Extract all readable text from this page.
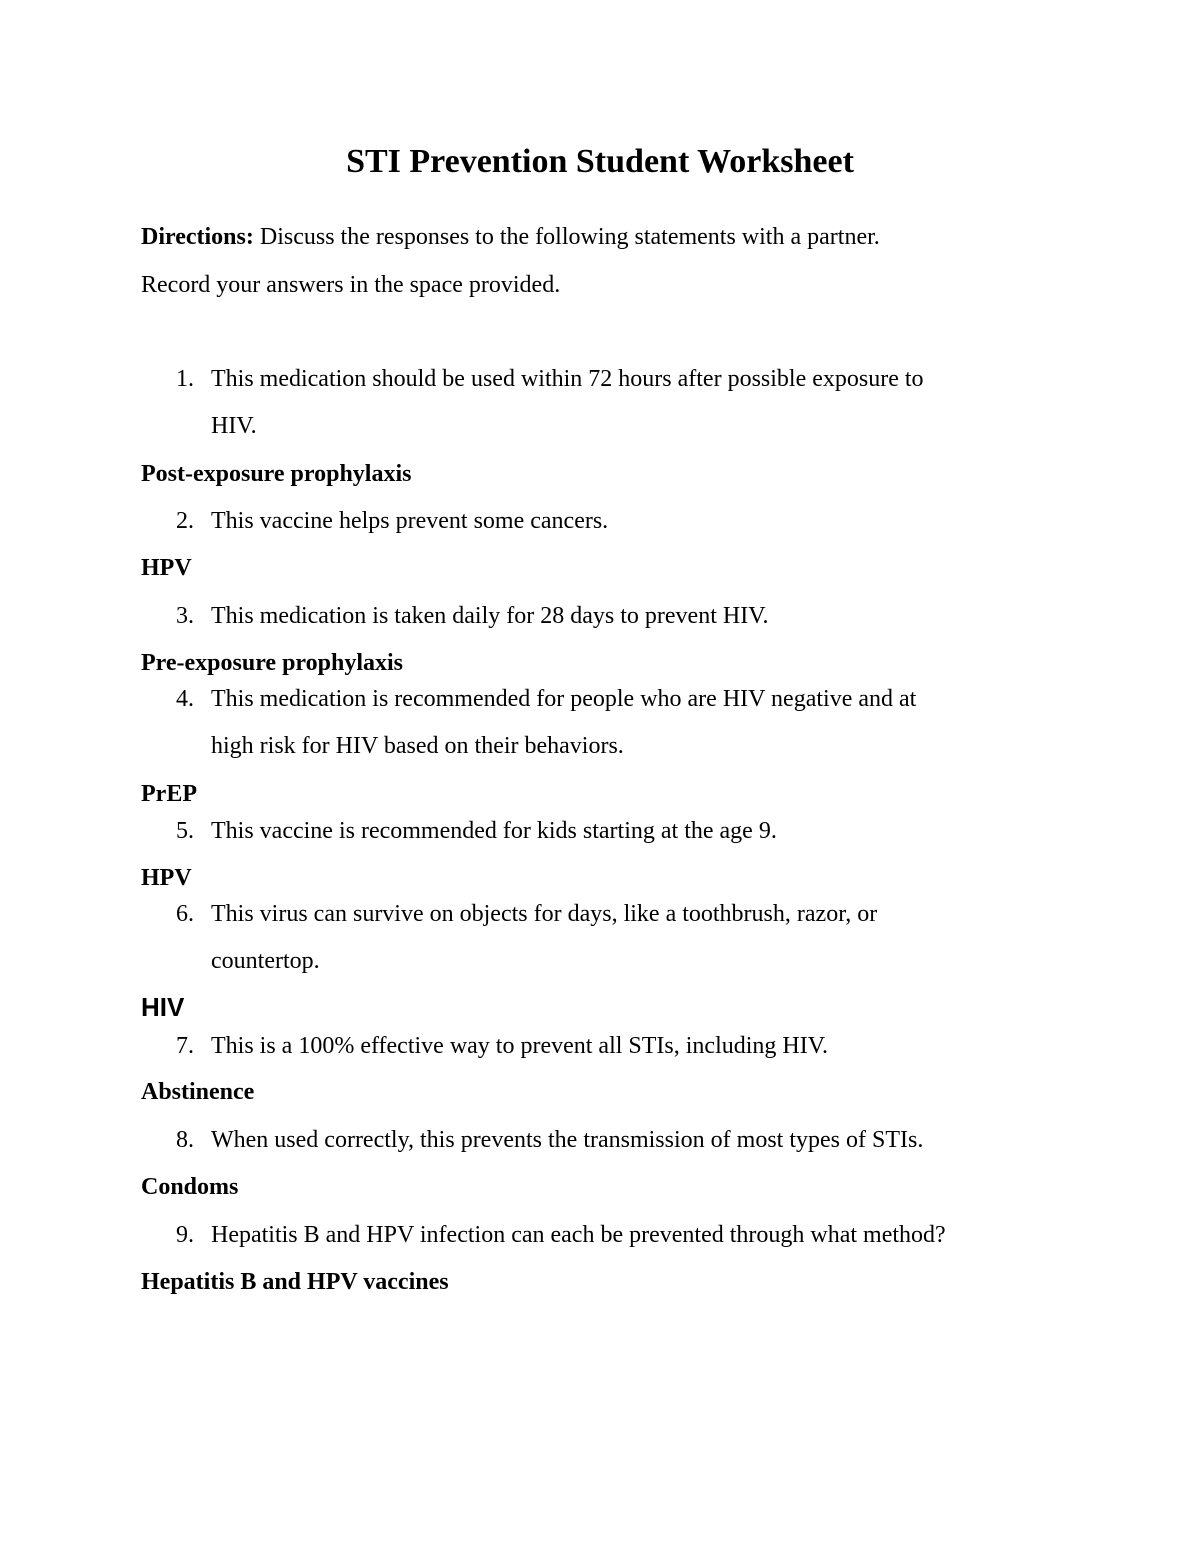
STI Prevention Student Worksheet
Directions: Discuss the responses to the following statements with a partner.
Record your answers in the space provided.
1. This medication should be used within 72 hours after possible exposure to
HIV.
Post-exposure prophylaxis
2. This vaccine helps prevent some cancers.
HPV
3. This medication is taken daily for 28 days to prevent HIV.
Pre-exposure prophylaxis
4. This medication is recommended for people who are HIV negative and at
high risk for HIV based on their behaviors.
PrEP
5. This vaccine is recommended for kids starting at the age 9.
HPV
6. This virus can survive on objects for days, like a toothbrush, razor, or
countertop.
HIV
7. This is a 100% effective way to prevent all STIs, including HIV.
Abstinence
8. When used correctly, this prevents the transmission of most types of STIs.
Condoms
9. Hepatitis B and HPV infection can each be prevented through what method?
Hepatitis B and HPV vaccines
